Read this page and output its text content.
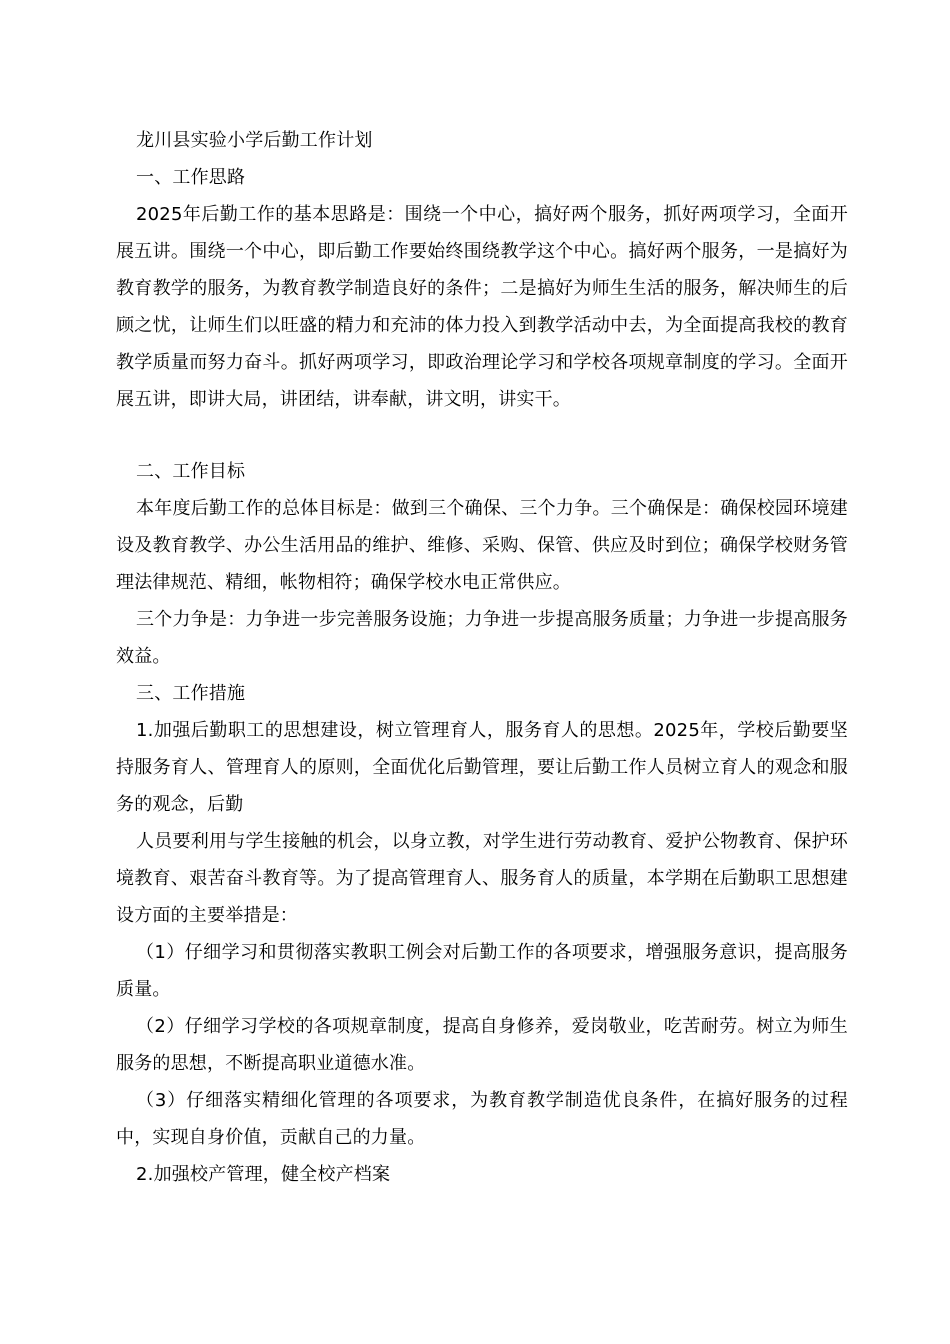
龙川县实验小学后勤工作计划

一、工作思路

2025年后勤工作的基本思路是：围绕一个中心，搞好两个服务，抓好两项学习，全面开展五讲。围绕一个中心，即后勤工作要始终围绕教学这个中心。搞好两个服务，一是搞好为教育教学的服务，为教育教学制造良好的条件；二是搞好为师生生活的服务，解决师生的后顾之忧，让师生们以旺盛的精力和充沛的体力投入到教学活动中去，为全面提高我校的教育教学质量而努力奋斗。抓好两项学习，即政治理论学习和学校各项规章制度的学习。全面开展五讲，即讲大局，讲团结，讲奉献，讲文明，讲实干。

二、工作目标

本年度后勤工作的总体目标是：做到三个确保、三个力争。三个确保是：确保校园环境建设及教育教学、办公生活用品的维护、维修、采购、保管、供应及时到位；确保学校财务管理法律规范、精细，帐物相符；确保学校水电正常供应。

三个力争是：力争进一步完善服务设施；力争进一步提高服务质量；力争进一步提高服务效益。

三、工作措施

1.加强后勤职工的思想建设，树立管理育人，服务育人的思想。2025年，学校后勤要坚持服务育人、管理育人的原则，全面优化后勤管理，要让后勤工作人员树立育人的观念和服务的观念，后勤

人员要利用与学生接触的机会，以身立教，对学生进行劳动教育、爱护公物教育、保护环境教育、艰苦奋斗教育等。为了提高管理育人、服务育人的质量，本学期在后勤职工思想建设方面的主要举措是：

（1）仔细学习和贯彻落实教职工例会对后勤工作的各项要求，增强服务意识，提高服务质量。

（2）仔细学习学校的各项规章制度，提高自身修养，爱岗敬业，吃苦耐劳。树立为师生服务的思想，不断提高职业道德水准。

（3）仔细落实精细化管理的各项要求，为教育教学制造优良条件，在搞好服务的过程中，实现自身价值，贡献自己的力量。

2.加强校产管理，健全校产档案
